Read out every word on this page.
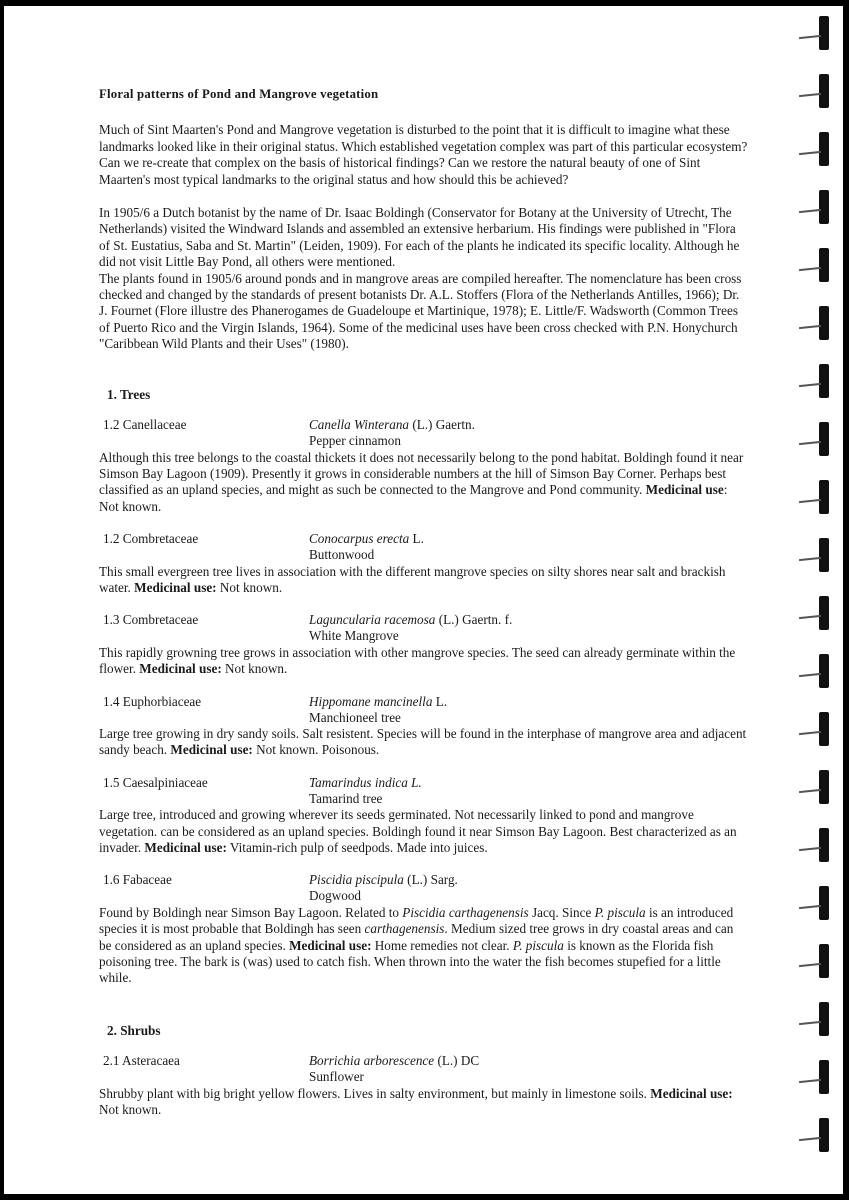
Floral patterns of Pond and Mangrove vegetation

Much of Sint Maarten's Pond and Mangrove vegetation is disturbed to the point that it is difficult to imagine what these landmarks looked like in their original status. Which established vegetation complex was part of this particular ecosystem? Can we re-create that complex on the basis of historical findings? Can we restore the natural beauty of one of Sint Maarten's most typical landmarks to the original status and how should this be achieved?

In 1905/6 a Dutch botanist by the name of Dr. Isaac Boldingh (Conservator for Botany at the University of Utrecht, The Netherlands) visited the Windward Islands and assembled an extensive herbarium. His findings were published in "Flora of St. Eustatius, Saba and St. Martin" (Leiden, 1909). For each of the plants he indicated its specific locality. Although he did not visit Little Bay Pond, all others were mentioned.

The plants found in 1905/6 around ponds and in mangrove areas are compiled hereafter. The nomenclature has been cross checked and changed by the standards of present botanists Dr. A.L. Stoffers (Flora of the Netherlands Antilles, 1966); Dr. J. Fournet (Flore illustre des Phanerogames de Guadeloupe et Martinique, 1978); E. Little/F. Wadsworth (Common Trees of Puerto Rico and the Virgin Islands, 1964). Some of the medicinal uses have been cross checked with P.N. Honychurch "Caribbean Wild Plants and their Uses" (1980).

1. Trees

1.2 Canellaceae	Canella Winterana (L.) Gaertn.
Pepper cinnamon

Although this tree belongs to the coastal thickets it does not necessarily belong to the pond habitat. Boldingh found it near Simson Bay Lagoon (1909). Presently it grows in considerable numbers at the hill of Simson Bay Corner. Perhaps best classified as an upland species, and might as such be connected to the Mangrove and Pond community. Medicinal use: Not known.

1.2 Combretaceae	Conocarpus erecta L.
Buttonwood

This small evergreen tree lives in association with the different mangrove species on silty shores near salt and brackish water. Medicinal use: Not known.

1.3 Combretaceae	Laguncularia racemosa (L.) Gaertn. f.
White Mangrove

This rapidly growning tree grows in association with other mangrove species. The seed can already germinate within the flower. Medicinal use: Not known.

1.4 Euphorbiaceae	Hippomane mancinella L.
Manchioneel tree

Large tree growing in dry sandy soils. Salt resistent. Species will be found in the interphase of mangrove area and adjacent sandy beach. Medicinal use: Not known. Poisonous.

1.5 Caesalpiniaceae	Tamarindus indica L.
Tamarind tree

Large tree, introduced and growing wherever its seeds germinated. Not necessarily linked to pond and mangrove vegetation. can be considered as an upland species. Boldingh found it near Simson Bay Lagoon. Best characterized as an invader. Medicinal use: Vitamin-rich pulp of seedpods. Made into juices.

1.6 Fabaceae	Piscidia piscipula (L.) Sarg.
Dogwood

Found by Boldingh near Simson Bay Lagoon. Related to Piscidia carthagenensis Jacq. Since P. piscula is an introduced species it is most probable that Boldingh has seen carthagenensis. Medium sized tree grows in dry coastal areas and can be considered as an upland species. Medicinal use: Home remedies not clear. P. piscula is known as the Florida fish poisoning tree. The bark is (was) used to catch fish. When thrown into the water the fish becomes stupefied for a little while.

2. Shrubs

2.1 Asteracaea	Borrichia arborescence (L.) DC
Sunflower

Shrubby plant with big bright yellow flowers. Lives in salty environment, but mainly in limestone soils. Medicinal use: Not known.
